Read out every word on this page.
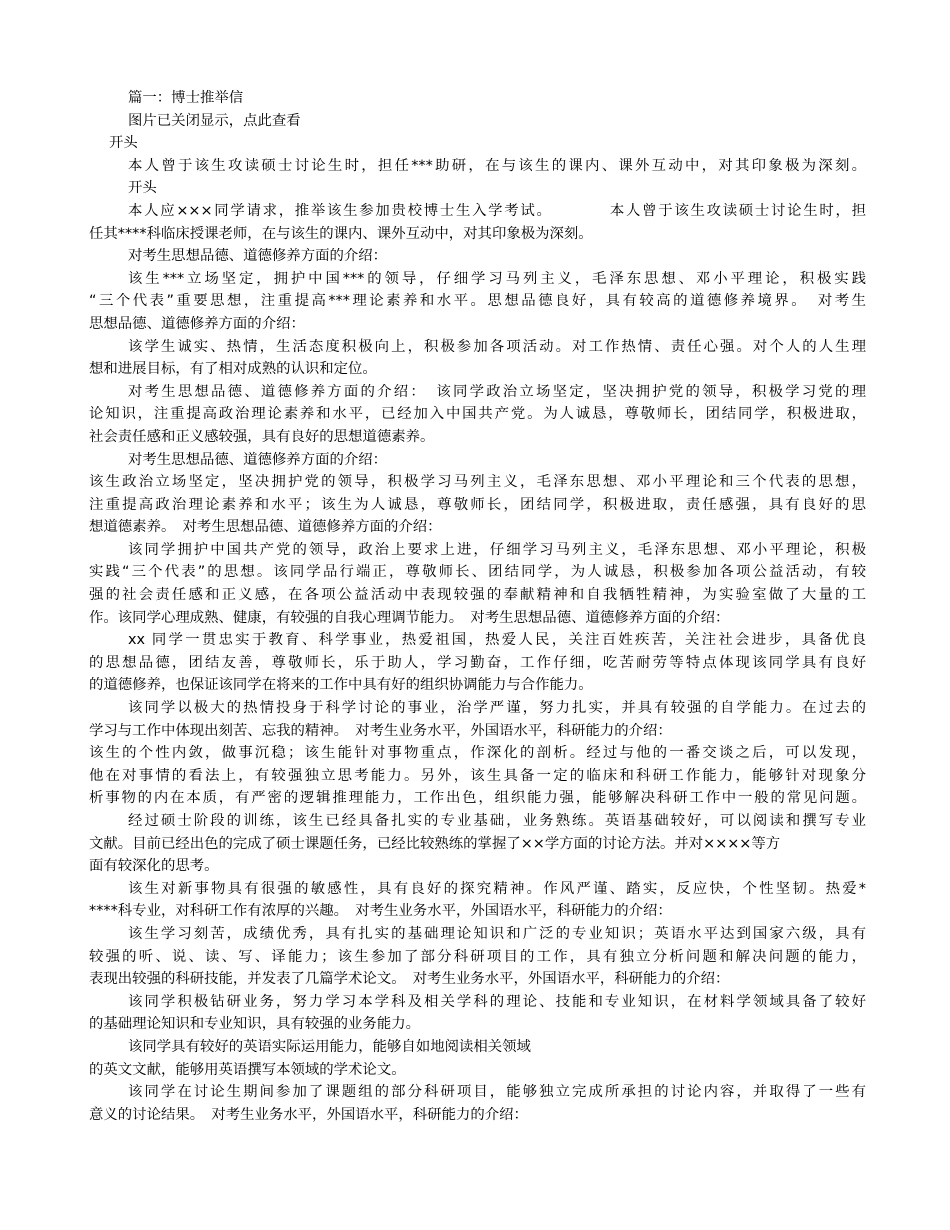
篇一：博士推举信
图片已关闭显示，点此查看
开头
本人曾于该生攻读硕士讨论生时，担任***助研，在与该生的课内、课外互动中，对其印象极为深刻。
开头
本人应×××同学请求，推举该生参加贵校博士生入学考试。　　　　本人曾于该生攻读硕士讨论生时，担
任其****科临床授课老师，在与该生的课内、课外互动中，对其印象极为深刻。
对考生思想品德、道德修养方面的介绍：
该生***立场坚定，拥护中国***的领导，仔细学习马列主义，毛泽东思想、邓小平理论，积极实践
“三个代表”重要思想，注重提高***理论素养和水平。思想品德良好，具有较高的道德修养境界。　对考生
思想品德、道德修养方面的介绍：
该学生诚实、热情，生活态度积极向上，积极参加各项活动。对工作热情、责任心强。对个人的人生理
想和进展目标，有了相对成熟的认识和定位。
对考生思想品德、道德修养方面的介绍：　该同学政治立场坚定，坚决拥护党的领导，积极学习党的理
论知识，注重提高政治理论素养和水平，已经加入中国共产党。为人诚恳，尊敬师长，团结同学，积极进取，
社会责任感和正义感较强，具有良好的思想道德素养。
对考生思想品德、道德修养方面的介绍：
该生政治立场坚定，坚决拥护党的领导，积极学习马列主义，毛泽东思想、邓小平理论和三个代表的思想，
注重提高政治理论素养和水平；该生为人诚恳，尊敬师长，团结同学，积极进取，责任感强，具有良好的思
想道德素养。　对考生思想品德、道德修养方面的介绍：
该同学拥护中国共产党的领导，政治上要求上进，仔细学习马列主义，毛泽东思想、邓小平理论，积极
实践“三个代表”的思想。该同学品行端正，尊敬师长、团结同学，为人诚恳，积极参加各项公益活动，有较
强的社会责任感和正义感，在各项公益活动中表现较强的奉献精神和自我牺牲精神，为实验室做了大量的工
作。该同学心理成熟、健康，有较强的自我心理调节能力。　对考生思想品德、道德修养方面的介绍：
xx 同学一贯忠实于教育、科学事业，热爱祖国，热爱人民，关注百姓疾苦，关注社会进步，具备优良
的思想品德，团结友善，尊敬师长，乐于助人，学习勤奋，工作仔细，吃苦耐劳等特点体现该同学具有良好
的道德修养，也保证该同学在将来的工作中具有好的组织协调能力与合作能力。
该同学以极大的热情投身于科学讨论的事业，治学严谨，努力扎实，并具有较强的自学能力。在过去的
学习与工作中体现出刻苦、忘我的精神。　对考生业务水平，外国语水平，科研能力的介绍：
该生的个性内敛，做事沉稳；该生能针对事物重点，作深化的剖析。经过与他的一番交谈之后，可以发现，
他在对事情的看法上，有较强独立思考能力。另外，该生具备一定的临床和科研工作能力，能够针对现象分
析事物的内在本质，有严密的逻辑推理能力，工作出色，组织能力强，能够解决科研工作中一般的常见问题。
经过硕士阶段的训练，该生已经具备扎实的专业基础，业务熟练。英语基础较好，可以阅读和撰写专业
文献。目前已经出色的完成了硕士课题任务，已经比较熟练的掌握了××学方面的讨论方法。并对××××等方
面有较深化的思考。
该生对新事物具有很强的敏感性，具有良好的探究精神。作风严谨、踏实，反应快，个性坚韧。热爱*
****科专业，对科研工作有浓厚的兴趣。　对考生业务水平，外国语水平，科研能力的介绍：
该生学习刻苦，成绩优秀，具有扎实的基础理论知识和广泛的专业知识；英语水平达到国家六级，具有
较强的听、说、读、写、译能力；该生参加了部分科研项目的工作，具有独立分析问题和解决问题的能力，
表现出较强的科研技能，并发表了几篇学术论文。　对考生业务水平，外国语水平，科研能力的介绍：
该同学积极钻研业务，努力学习本学科及相关学科的理论、技能和专业知识，在材料学领域具备了较好
的基础理论知识和专业知识，具有较强的业务能力。
该同学具有较好的英语实际运用能力，能够自如地阅读相关领域
的英文文献，能够用英语撰写本领域的学术论文。
该同学在讨论生期间参加了课题组的部分科研项目，能够独立完成所承担的讨论内容，并取得了一些有
意义的讨论结果。　对考生业务水平，外国语水平，科研能力的介绍：
